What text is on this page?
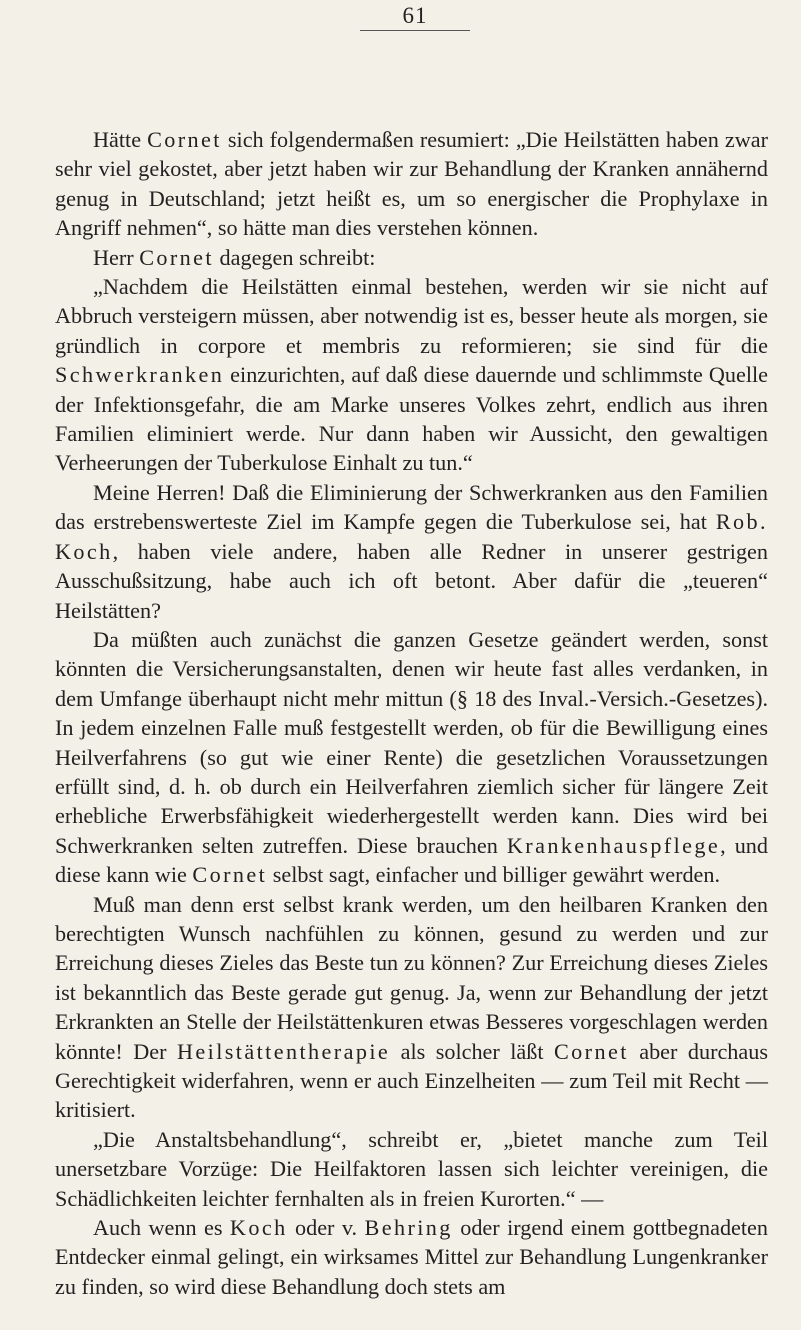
61

Hätte Cornet sich folgendermaßen resumiert: „Die Heilstätten haben zwar sehr viel gekostet, aber jetzt haben wir zur Behandlung der Kranken annähernd genug in Deutschland; jetzt heißt es, um so energischer die Prophylaxe in Angriff nehmen“, so hätte man dies verstehen können.

Herr Cornet dagegen schreibt:

„Nachdem die Heilstätten einmal bestehen, werden wir sie nicht auf Abbruch versteigern müssen, aber notwendig ist es, besser heute als morgen, sie gründlich in corpore et membris zu reformieren; sie sind für die Schwerkranken einzurichten, auf daß diese dauernde und schlimmste Quelle der Infektionsgefahr, die am Marke unseres Volkes zehrt, endlich aus ihren Familien eliminiert werde. Nur dann haben wir Aussicht, den gewaltigen Verheerungen der Tuberkulose Einhalt zu tun.“

Meine Herren! Daß die Eliminierung der Schwerkranken aus den Familien das erstrebenswerteste Ziel im Kampfe gegen die Tuberkulose sei, hat Rob. Koch, haben viele andere, haben alle Redner in unserer gestrigen Ausschußsitzung, habe auch ich oft betont. Aber dafür die „teueren“ Heilstätten?

Da müßten auch zunächst die ganzen Gesetze geändert werden, sonst könnten die Versicherungsanstalten, denen wir heute fast alles verdanken, in dem Umfange überhaupt nicht mehr mittun (§ 18 des Inval.-Versich.-Gesetzes). In jedem einzelnen Falle muß festgestellt werden, ob für die Bewilligung eines Heilverfahrens (so gut wie einer Rente) die gesetzlichen Voraussetzungen erfüllt sind, d. h. ob durch ein Heilverfahren ziemlich sicher für längere Zeit erhebliche Erwerbsfähigkeit wiederhergestellt werden kann. Dies wird bei Schwerkranken selten zutreffen. Diese brauchen Krankenhauspflege, und diese kann wie Cornet selbst sagt, einfacher und billiger gewährt werden.

Muß man denn erst selbst krank werden, um den heilbaren Kranken den berechtigten Wunsch nachfühlen zu können, gesund zu werden und zur Erreichung dieses Zieles das Beste tun zu können? Zur Erreichung dieses Zieles ist bekanntlich das Beste gerade gut genug. Ja, wenn zur Behandlung der jetzt Erkrankten an Stelle der Heilstättenkuren etwas Besseres vorgeschlagen werden könnte! Der Heilstättentherapie als solcher läßt Cornet aber durchaus Gerechtigkeit widerfahren, wenn er auch Einzelheiten — zum Teil mit Recht — kritisiert.

„Die Anstaltsbehandlung“, schreibt er, „bietet manche zum Teil unersetzbare Vorzüge: Die Heilfaktoren lassen sich leichter vereinigen, die Schädlichkeiten leichter fernhalten als in freien Kurorten.“ —

Auch wenn es Koch oder v. Behring oder irgend einem gottbegnadeten Entdecker einmal gelingt, ein wirksames Mittel zur Behandlung Lungenkranker zu finden, so wird diese Behandlung doch stets am
